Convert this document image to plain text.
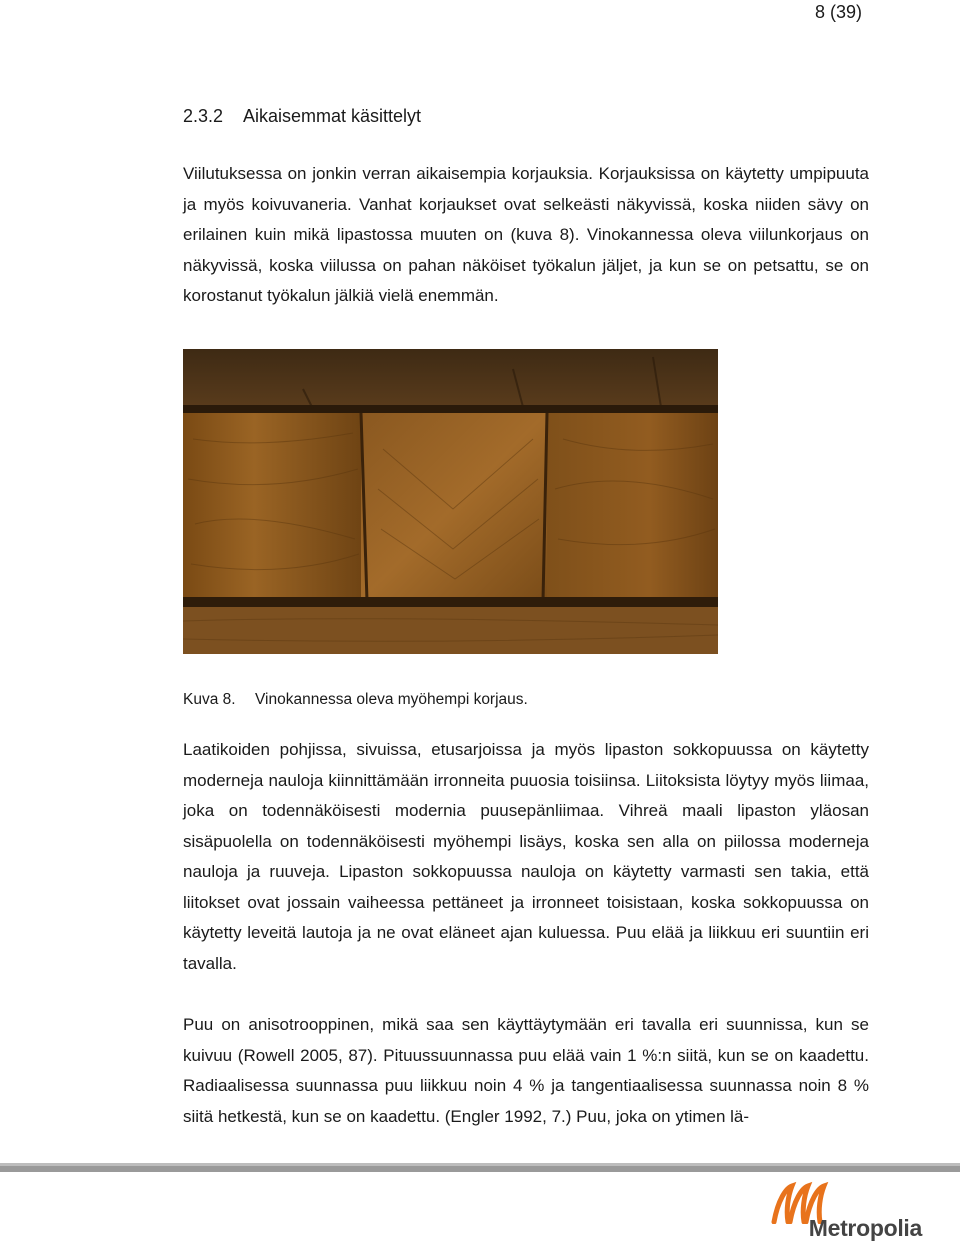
8 (39)
2.3.2 Aikaisemmat käsittelyt

Viilutuksessa on jonkin verran aikaisempia korjauksia. Korjauksissa on käytetty umpipuuta ja myös koivuvaneria. Vanhat korjaukset ovat selkeästi näkyvissä, koska niiden sävy on erilainen kuin mikä lipastossa muuten on (kuva 8). Vinokannessa oleva viilunkorjaus on näkyvissä, koska viilussa on pahan näköiset työkalun jäljet, ja kun se on petsattu, se on korostanut työkalun jälkiä vielä enemmän.

Kuva 8. Vinokannessa oleva myöhempi korjaus.

Laatikoiden pohjissa, sivuissa, etusarjoissa ja myös lipaston sokkopuussa on käytetty moderneja nauloja kiinnittämään irronneita puuosia toisiinsa. Liitoksista löytyy myös liimaa, joka on todennäköisesti modernia puusepänliimaa. Vihreä maali lipaston yläosan sisäpuolella on todennäköisesti myöhempi lisäys, koska sen alla on piilossa moderneja nauloja ja ruuveja. Lipaston sokkopuussa nauloja on käytetty varmasti sen takia, että liitokset ovat jossain vaiheessa pettäneet ja irronneet toisistaan, koska sokkopuussa on käytetty leveitä lautoja ja ne ovat eläneet ajan kuluessa. Puu elää ja liikkuu eri suuntiin eri tavalla.

Puu on anisotrooppinen, mikä saa sen käyttäytymään eri tavalla eri suunnissa, kun se kuivuu (Rowell 2005, 87). Pituussuunnassa puu elää vain 1 %:n siitä, kun se on kaadettu. Radiaalisessa suunnassa puu liikkuu noin 4 % ja tangentiaalisessa suunnassa noin 8 % siitä hetkestä, kun se on kaadettu. (Engler 1992, 7.) Puu, joka on ytimen lä-

Metropolia
